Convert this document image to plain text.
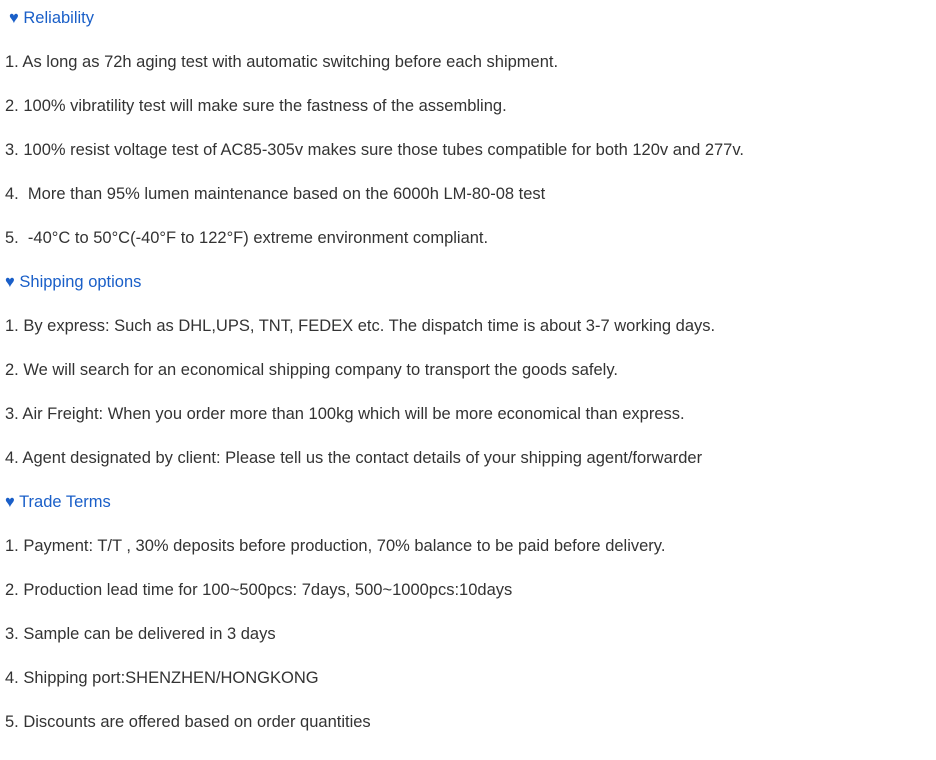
♥ Reliability
1. As long as 72h aging test with automatic switching before each shipment.
2. 100% vibratility test will make sure the fastness of the assembling.
3. 100% resist voltage test of AC85-305v makes sure those tubes compatible for both 120v and 277v.
4.  More than 95% lumen maintenance based on the 6000h LM-80-08 test
5.  -40°C to 50°C(-40°F to 122°F) extreme environment compliant.
♥ Shipping options
1. By express: Such as DHL,UPS, TNT, FEDEX etc. The dispatch time is about 3-7 working days.
2. We will search for an economical shipping company to transport the goods safely.
3. Air Freight: When you order more than 100kg which will be more economical than express.
4. Agent designated by client: Please tell us the contact details of your shipping agent/forwarder
♥ Trade Terms
1. Payment: T/T , 30% deposits before production, 70% balance to be paid before delivery.
2. Production lead time for 100~500pcs: 7days, 500~1000pcs:10days
3. Sample can be delivered in 3 days
4. Shipping port:SHENZHEN/HONGKONG
5. Discounts are offered based on order quantities
